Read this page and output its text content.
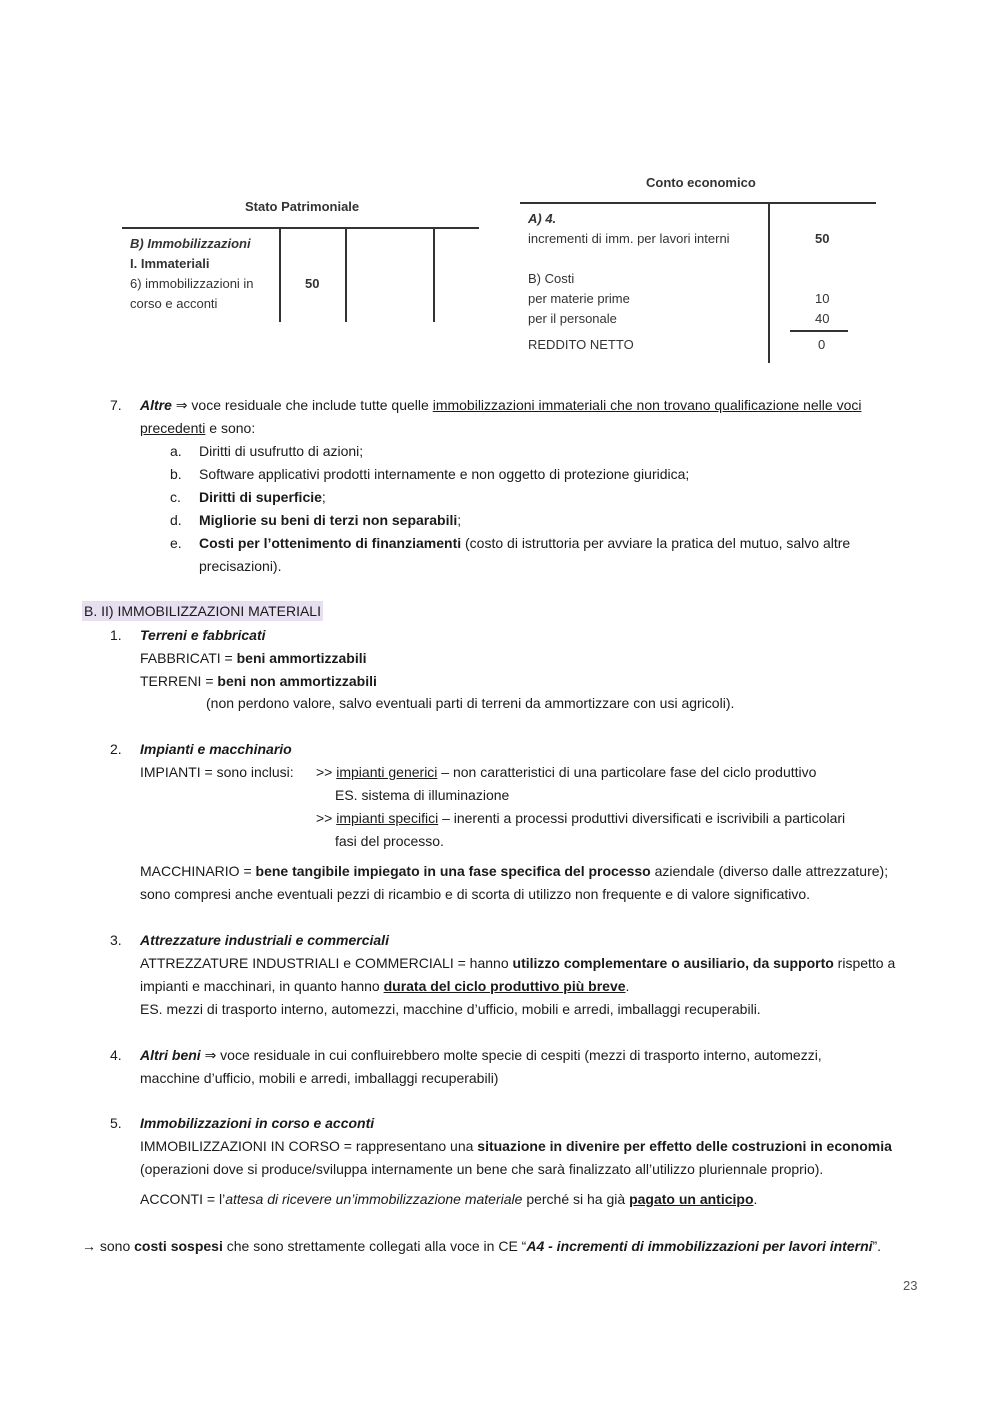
Stato Patrimoniale
B) Immobilizzazioni
I. Immateriali
6) immobilizzazioni in
corso e acconti
50
Conto economico
A) 4.
incrementi di imm. per lavori interni	50
B) Costi
per materie prime	10
per il personale	40
REDDITO NETTO	0
7. Altre ⇒ voce residuale che include tutte quelle immobilizzazioni immateriali che non trovano qualificazione nelle voci
precedenti e sono:
a. Diritti di usufrutto di azioni;
b. Software applicativi prodotti internamente e non oggetto di protezione giuridica;
c. Diritti di superficie;
d. Migliorie su beni di terzi non separabili;
e. Costi per l’ottenimento di finanziamenti (costo di istruttoria per avviare la pratica del mutuo, salvo altre
precisazioni).
B. II) IMMOBILIZZAZIONI MATERIALI
1. Terreni e fabbricati
FABBRICATI = beni ammortizzabili
TERRENI = beni non ammortizzabili
(non perdono valore, salvo eventuali parti di terreni da ammortizzare con usi agricoli).
2. Impianti e macchinario
IMPIANTI = sono inclusi: >> impianti generici – non caratteristici di una particolare fase del ciclo produttivo
ES. sistema di illuminazione
>> impianti specifici – inerenti a processi produttivi diversificati e iscrivibili a particolari
fasi del processo.
MACCHINARIO = bene tangibile impiegato in una fase specifica del processo aziendale (diverso dalle attrezzature);
sono compresi anche eventuali pezzi di ricambio e di scorta di utilizzo non frequente e di valore significativo.
3. Attrezzature industriali e commerciali
ATTREZZATURE INDUSTRIALI e COMMERCIALI = hanno utilizzo complementare o ausiliario, da supporto rispetto a
impianti e macchinari, in quanto hanno durata del ciclo produttivo più breve.
ES. mezzi di trasporto interno, automezzi, macchine d’ufficio, mobili e arredi, imballaggi recuperabili.
4. Altri beni ⇒ voce residuale in cui confluirebbero molte specie di cespiti (mezzi di trasporto interno, automezzi,
macchine d’ufficio, mobili e arredi, imballaggi recuperabili)
5. Immobilizzazioni in corso e acconti
IMMOBILIZZAZIONI IN CORSO = rappresentano una situazione in divenire per effetto delle costruzioni in economia
(operazioni dove si produce/sviluppa internamente un bene che sarà finalizzato all’utilizzo pluriennale proprio).
ACCONTI = l’attesa di ricevere un’immobilizzazione materiale perché si ha già pagato un anticipo.
→ sono costi sospesi che sono strettamente collegati alla voce in CE “A4 - incrementi di immobilizzazioni per lavori interni”.
23
